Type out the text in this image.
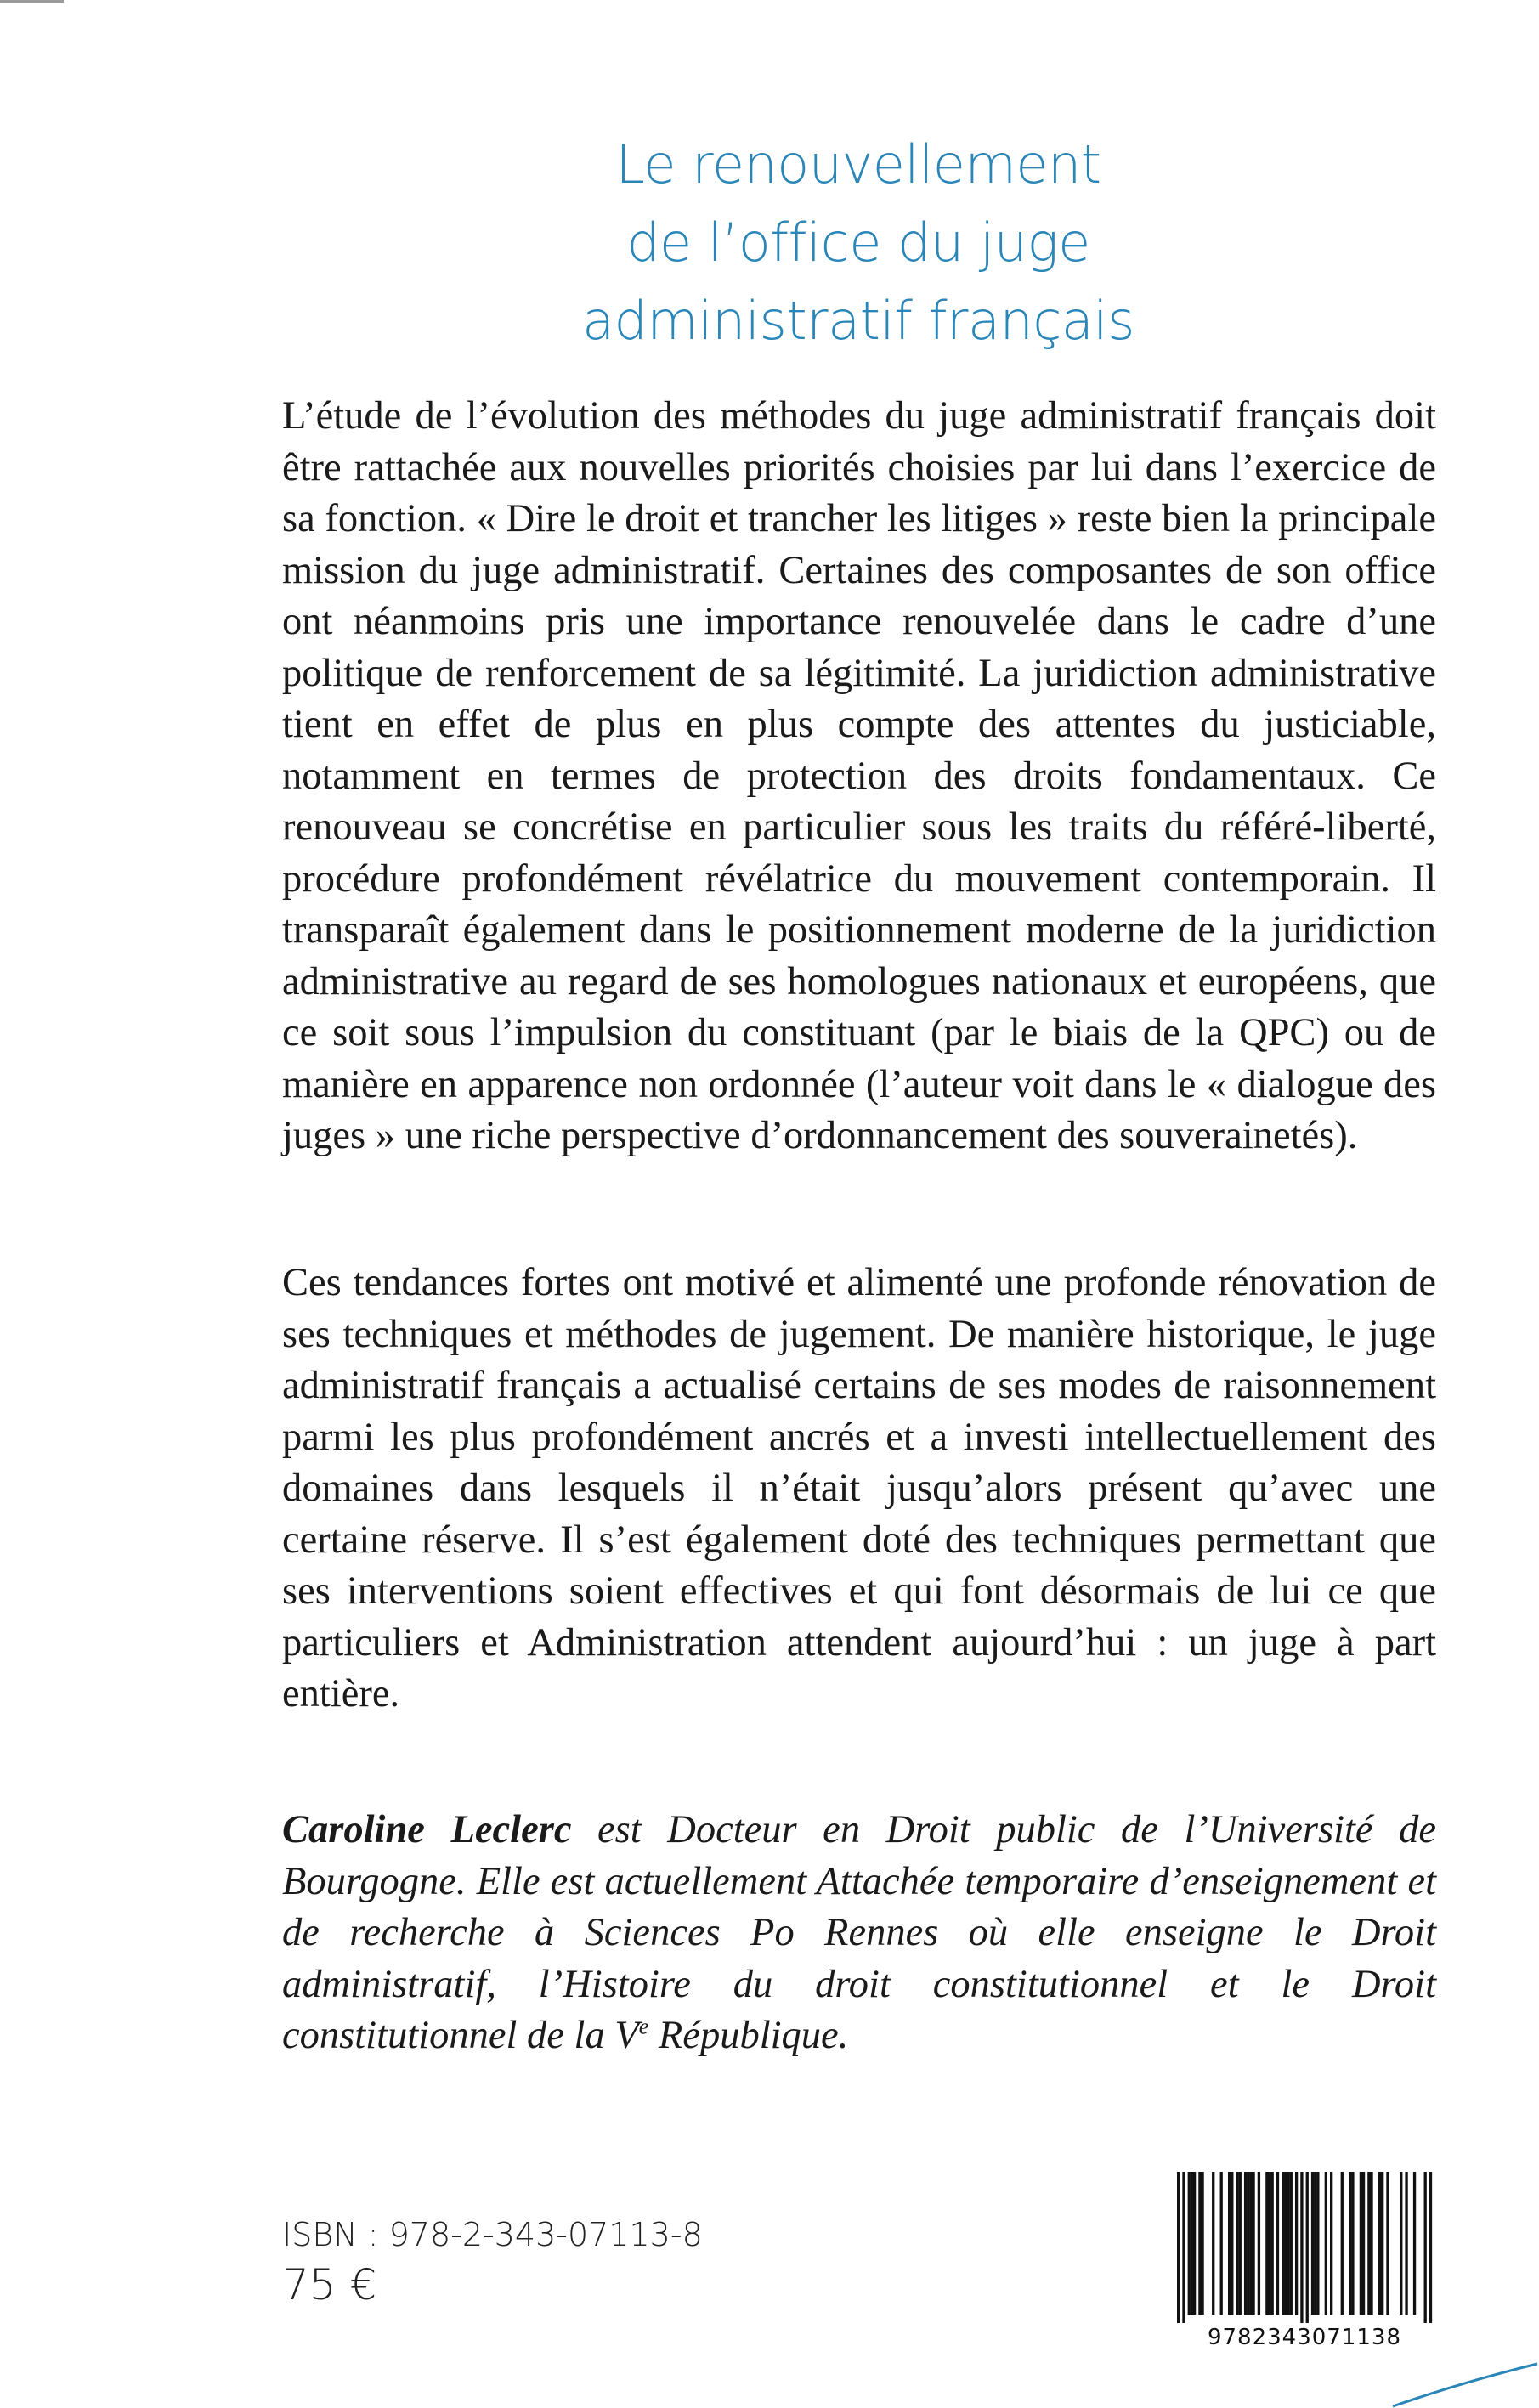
Le renouvellement
de l’office du juge
administratif français

L’étude de l’évolution des méthodes du juge administratif français doit être rattachée aux nouvelles priorités choisies par lui dans l’exercice de sa fonction. « Dire le droit et trancher les litiges » reste bien la principale mission du juge administratif. Certaines des composantes de son office ont néanmoins pris une importance renouvelée dans le cadre d’une politique de renforcement de sa légitimité. La juridiction administrative tient en effet de plus en plus compte des attentes du justiciable, notamment en termes de protection des droits fondamentaux. Ce renouveau se concrétise en particulier sous les traits du référé-liberté, procédure profondément révélatrice du mouvement contemporain. Il transparaît également dans le positionnement moderne de la juridiction administrative au regard de ses homologues nationaux et européens, que ce soit sous l’impulsion du constituant (par le biais de la QPC) ou de manière en apparence non ordonnée (l’auteur voit dans le « dialogue des juges » une riche perspective d’ordonnancement des souverainetés).

Ces tendances fortes ont motivé et alimenté une profonde rénovation de ses techniques et méthodes de jugement. De manière historique, le juge administratif français a actualisé certains de ses modes de raisonnement parmi les plus profondément ancrés et a investi intellectuellement des domaines dans lesquels il n’était jusqu’alors présent qu’avec une certaine réserve. Il s’est également doté des techniques permettant que ses interventions soient effectives et qui font désormais de lui ce que particuliers et Administration attendent aujourd’hui : un juge à part entière.

Caroline Leclerc est Docteur en Droit public de l’Université de Bourgogne. Elle est actuellement Attachée temporaire d’enseignement et de recherche à Sciences Po Rennes où elle enseigne le Droit administratif, l’Histoire du droit constitutionnel et le Droit constitutionnel de la Ve République.

9782343071138
ISBN : 978-2-343-07113-8
75 €
